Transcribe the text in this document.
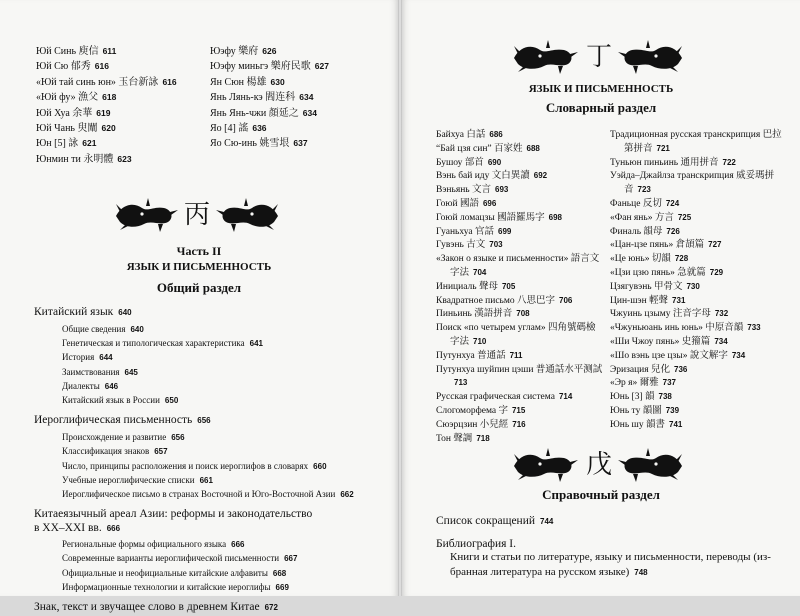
Юй Синь 庾信 611
Юй Сю 郁秀 616
«Юй тай синь юн» 玉台新詠 616
«Юй фу» 漁父 618
Юй Хуа 余華 619
Юй Чань 臾闡 620
Юн [5] 詠 621
Юнмин ти 永明體 623
Юэфу 樂府 626
Юэфу миньгэ 樂府民歌 627
Ян Сюн 楊雄 630
Янь Лянь-кэ 閻连科 634
Янь Янь-чжи 顏延之 634
Яо [4] 謠 636
Яо Сю-инь 姚雪垠 637
丙
Часть II
ЯЗЫК И ПИСЬМЕННОСТЬ
Общий раздел
Китайский язык 640
Общие сведения 640
Генетическая и типологическая характеристика 641
История 644
Заимствования 645
Диалекты 646
Китайский язык в России 650
Иероглифическая письменность 656
Происхождение и развитие 656
Классификация знаков 657
Число, принципы расположения и поиск иероглифов в словарях 660
Учебные иероглифические списки 661
Иероглифическое письмо в странах Восточной и Юго-Восточной Азии 662
Китаеязычный ареал Азии: реформы и законодательство
в XX–XXI вв. 666
Региональные формы официального языка 666
Современные варианты иероглифической письменности 667
Официальные и неофициальные китайские алфавиты 668
Информационные технологии и китайские иероглифы 669
Знак, текст и звучащее слово в древнем Китае 672
丁
ЯЗЫК И ПИСЬМЕННОСТЬ
Словарный раздел
Байхуа 白話 686
“Бай цзя син” 百家姓 688
Бушоу 部首 690
Вэнь бай иду 文白異讀 692
Вэньянь 文言 693
Гоюй 國語 696
Гоюй ломацзы 國語羅馬字 698
Гуаньхуа 官話 699
Гувэнь 古文 703
«Закон о языке и письменности» 語言文
字法 704
Инициаль 聲母 705
Квадратное письмо 八思巴字 706
Пиньинь 漢語拼音 708
Поиск «по четырем углам» 四角號碼檢
字法 710
Путунхуа 普通話 711
Путунхуа шуйпин цэши 普通話水平测試
713
Русская графическая система 714
Слогоморфема 字 715
Сюэрцзин 小兒經 716
Тон 聲調 718
Традиционная русская транскрипция 巴拉
第拼音 721
Туньюн пиньинь 通用拼音 722
Уэйда–Джайлза транскрипция 威妥瑪拼
音 723
Фаньце 反切 724
«Фан янь» 方言 725
Финаль 韻母 726
«Цан-цзе пянь» 倉頡篇 727
«Це юнь» 切韻 728
«Цзи цзю пянь» 急就篇 729
Цзягувэнь 甲骨文 730
Цин-шэн 輕聲 731
Чжуинь цзыму 注音字母 732
«Чжуньюань инь юнь» 中原音韻 733
«Ши Чжоу пянь» 史籀篇 734
«Шо вэнь цзе цзы» 說文解字 734
Эризация 兒化 736
«Эр я» 爾雅 737
Юнь [3] 韻 738
Юнь ту 韻圖 739
Юнь шу 韻書 741
戊
Справочный раздел
Список сокращений 744
Библиография I.
Книги и статьи по литературе, языку и письменности, переводы (из-
бранная литература на русском языке) 748
